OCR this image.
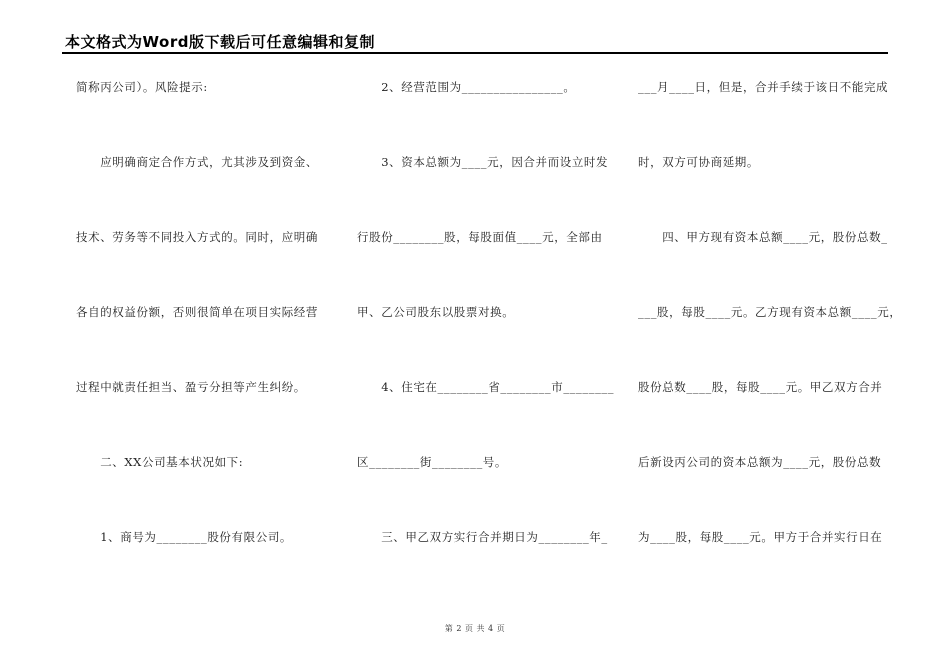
本文格式为Word版下载后可任意编辑和复制
简称丙公司）。风险提示:
　　应明确商定合作方式，尤其涉及到资金、
技术、劳务等不同投入方式的。同时，应明确
各自的权益份额，否则很简单在项目实际经营
过程中就责任担当、盈亏分担等产生纠纷。
　　二、XX公司基本状况如下:
　　1、商号为________股份有限公司。
　　2、经营范围为________________。
　　3、资本总额为____元，因合并而设立时发
行股份________股，每股面值____元，全部由
甲、乙公司股东以股票对换。
　　4、住宅在________省________市________
区________街________号。
　　三、甲乙双方实行合并期日为________年_
___月____日，但是，合并手续于该日不能完成
时，双方可协商延期。
　　四、甲方现有资本总额____元，股份总数_
___股，每股____元。乙方现有资本总额____元，
股份总数____股，每股____元。甲乙双方合并
后新设丙公司的资本总额为____元，股份总数
为____股，每股____元。甲方于合并实行日在
第 2 页 共 4 页
